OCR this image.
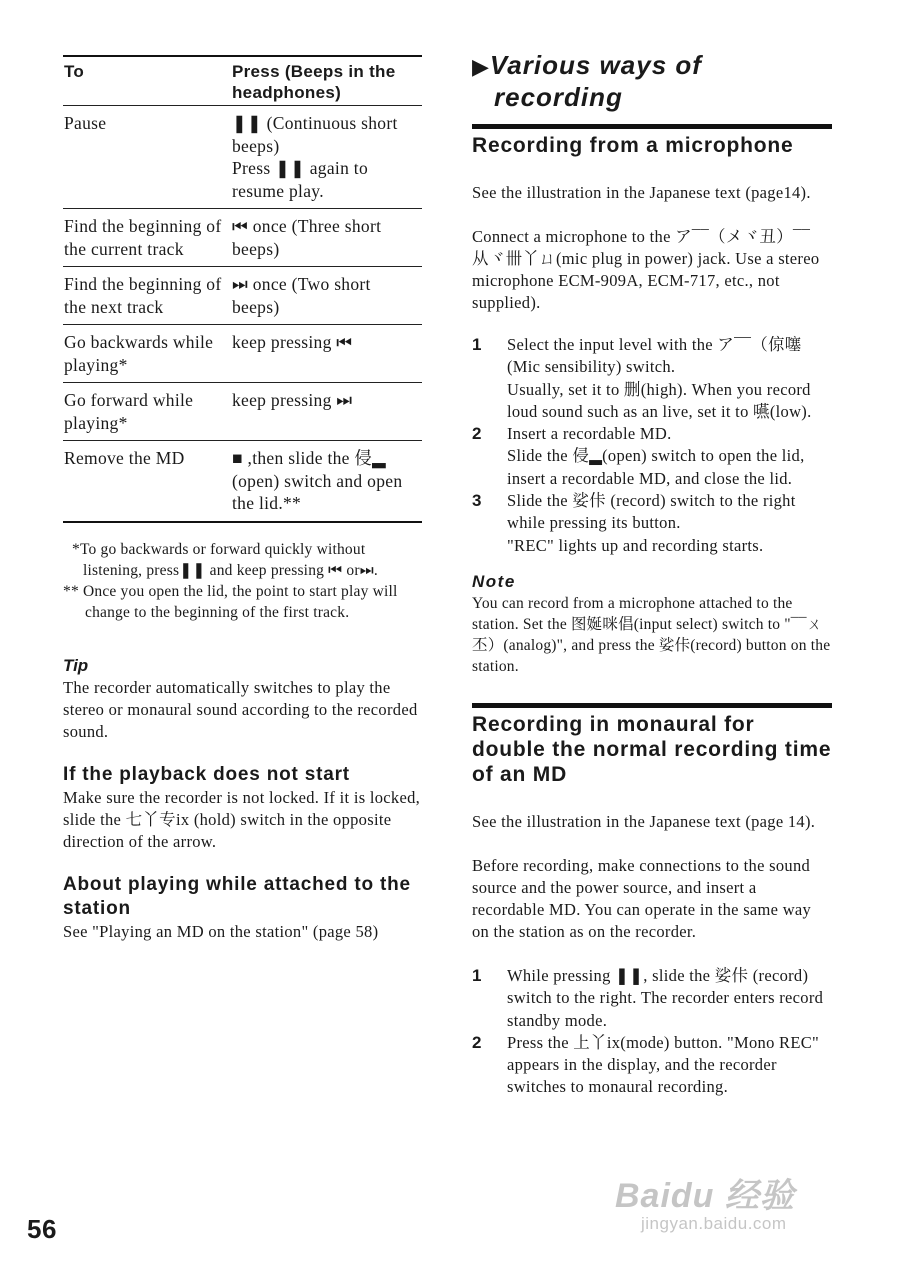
To	Press (Beeps in the headphones)
Pause	❚❚ (Continuous short beeps)
Press ❚❚ again to resume play.

Find the beginning of the current track	⏮ once (Three short beeps)

Find the beginning of the next track	⏭ once (Two short beeps)

Go backwards while playing*	keep pressing ⏮

Go forward while playing*	keep pressing ⏭

Remove the MD	■ ,then slide the 侵▂ (open) switch and open the lid.**

*To go backwards or forward quickly without listening, press❚❚ and keep pressing ⏮ or⏭.

** Once you open the lid, the point to start play will change to the beginning of the first track.

Tip

The recorder automatically switches to play the stereo or monaural sound according to the recorded sound.

If the playback does not start

Make sure the recorder is not locked. If it is locked, slide the 七丫专ix (hold) switch in the opposite direction of the arrow.

About playing while attached to the station

See "Playing an MD on the station" (page 58)

▶Various ways of
recording
Recording from a microphone

See the illustration in the Japanese text (page14).

Connect a microphone to the ア¯¯（メヾ丑）¯¯从ヾ卌丫ㄩ(mic plug in power) jack. Use a stereo microphone ECM-909A, ECM-717, etc., not supplied).

1	Select the input level with the ア¯¯（倞噻 (Mic sensibility) switch.
Usually, set it to 删(high). When you record loud sound such as an live, set it to 嚥(low).
2	Insert a recordable MD.
Slide the 侵▂(open) switch to open the lid, insert a recordable MD, and close the lid.
3	Slide the 娑佧 (record) switch to the right while pressing its button.
"REC" lights up and recording starts.
Note

You can record from a microphone attached to the station. Set the 图娫咪倡(input select) switch to "¯¯ㄨ丕）(analog)", and press the 娑佧(record) button on the station.

Recording in monaural for double the normal recording time of an MD

See the illustration in the Japanese text (page 14).

Before recording, make connections to the sound source and the power source, and insert a recordable MD. You can operate in the same way on the station as on the recorder.

1	While pressing ❚❚, slide the 娑佧 (record) switch to the right. The recorder enters record standby mode.
2	Press the 上丫ix(mode) button. "Mono REC" appears in the display, and the recorder switches to monaural recording.
56
Baidu 经验
jingyan.baidu.com
